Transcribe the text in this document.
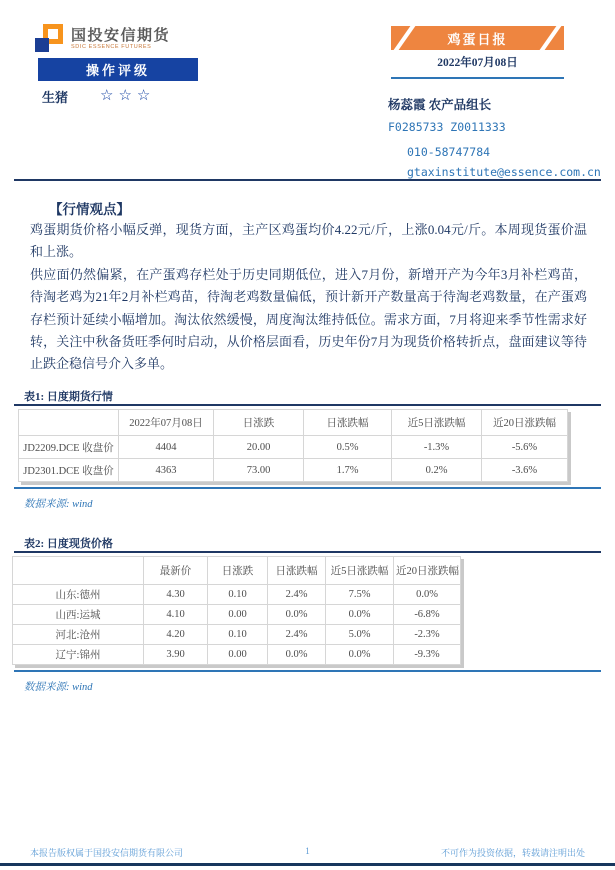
国投安信期货
SDIC ESSENCE FUTURES
操作评级
生猪 ☆☆☆
鸡蛋日报
2022年07月08日
杨蕊霞 农产品组长
F0285733 Z0011333
010-58747784
gtaxinstitute@essence.com.cn
【行情观点】

鸡蛋期货价格小幅反弹，现货方面，主产区鸡蛋均价4.22元/斤，上涨0.04元/斤。本周现货蛋价温和上涨。

供应面仍然偏紧，在产蛋鸡存栏处于历史同期低位，进入7月份，新增开产为今年3月补栏鸡苗，待淘老鸡为21年2月补栏鸡苗，待淘老鸡数量偏低，预计新开产数量高于待淘老鸡数量，在产蛋鸡存栏预计延续小幅增加。淘汰依然缓慢，周度淘汰维持低位。需求方面，7月将迎来季节性需求好转，关注中秋备货旺季何时启动，从价格层面看，历史年份7月为现货价格转折点，盘面建议等待止跌企稳信号介入多单。

表1: 日度期货行情
	2022年07月08日	日涨跌	日涨跌幅	近5日涨跌幅	近20日涨跌幅
JD2209.DCE 收盘价	4404	20.00	0.5%	-1.3%	-5.6%
JD2301.DCE 收盘价	4363	73.00	1.7%	0.2%	-3.6%
数据来源: wind
表2: 日度现货价格
	最新价	日涨跌	日涨跌幅	近5日涨跌幅	近20日涨跌幅
山东:德州	4.30	0.10	2.4%	7.5%	0.0%
山西:运城	4.10	0.00	0.0%	0.0%	-6.8%
河北:沧州	4.20	0.10	2.4%	5.0%	-2.3%
辽宁:锦州	3.90	0.00	0.0%	0.0%	-9.3%
数据来源: wind
本报告版权属于国投安信期货有限公司	1	不可作为投资依据，转载请注明出处
